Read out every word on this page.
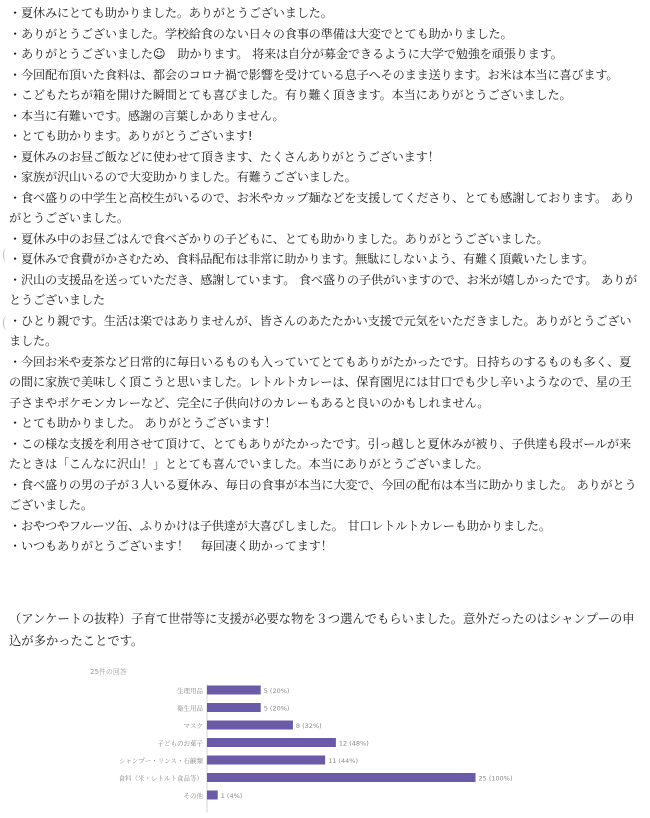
・夏休みにとても助かりました。ありがとうございました。
・ありがとうございました。学校給食のない日々の食事の準備は大変でとても助かりました。
・ありがとうございました☺　助かります。 将来は自分が募金できるように大学で勉強を頑張ります。
・今回配布頂いた食料は、都会のコロナ禍で影響を受けている息子へそのまま送ります。お米は本当に喜びます。
・こどもたちが箱を開けた瞬間とても喜びました。有り難く頂きます。本当にありがとうございました。
・本当に有難いです。感謝の言葉しかありません。
・とても助かります。ありがとうございます!
・夏休みのお昼ご飯などに使わせて頂きます、たくさんありがとうございます！
・家族が沢山いるので大変助かりました。有難うございました。
・食べ盛りの中学生と高校生がいるので、お米やカップ麺などを支援してくださり、とても感謝しております。 ありがとうございました。
・夏休み中のお昼ごはんで食べざかりの子どもに、とても助かりました。ありがとうございました。
・夏休みで食費がかさむため、食料品配布は非常に助かります。無駄にしないよう、有難く頂戴いたします。
・沢山の支援品を送っていただき、感謝しています。 食べ盛りの子供がいますので、お米が嬉しかったです。 ありがとうございました
・ひとり親です。生活は楽ではありませんが、皆さんのあたたかい支援で元気をいただきました。ありがとうございました。
・今回お米や麦茶など日常的に毎日いるものも入っていてとてもありがたかったです。日持ちのするものも多く、夏の間に家族で美味しく頂こうと思いました。レトルトカレーは、保育園児には甘口でも少し辛いようなので、星の王子さまやポケモンカレーなど、完全に子供向けのカレーもあると良いのかもしれません。
・とても助かりました。 ありがとうございます！
・この様な支援を利用させて頂けて、とてもありがたかったです。引っ越しと夏休みが被り、子供達も段ボールが来たときは「こんなに沢山！」ととても喜んでいました。本当にありがとうございました。
・食べ盛りの男の子が３人いる夏休み、毎日の食事が本当に大変で、今回の配布は本当に助かりました。 ありがとうございました。
・おやつやフルーツ缶、ふりかけは子供達が大喜びしました。 甘口レトルトカレーも助かりました。
・いつもありがとうございます！　毎回凄く助かってます！
（アンケートの抜粋）子育て世帯等に支援が必要な物を３つ選んでもらいました。意外だったのはシャンプーの申込が多かったことです。
25件の回答
生理用品	5 (20%)
衛生用品	5 (20%)
マスク	8 (32%)
子どものお菓子	12 (48%)
シャンプー・リンス・石鹸類	11 (44%)
食料（米・レトルト食品等）	25 (100%)
その他	1 (4%)
